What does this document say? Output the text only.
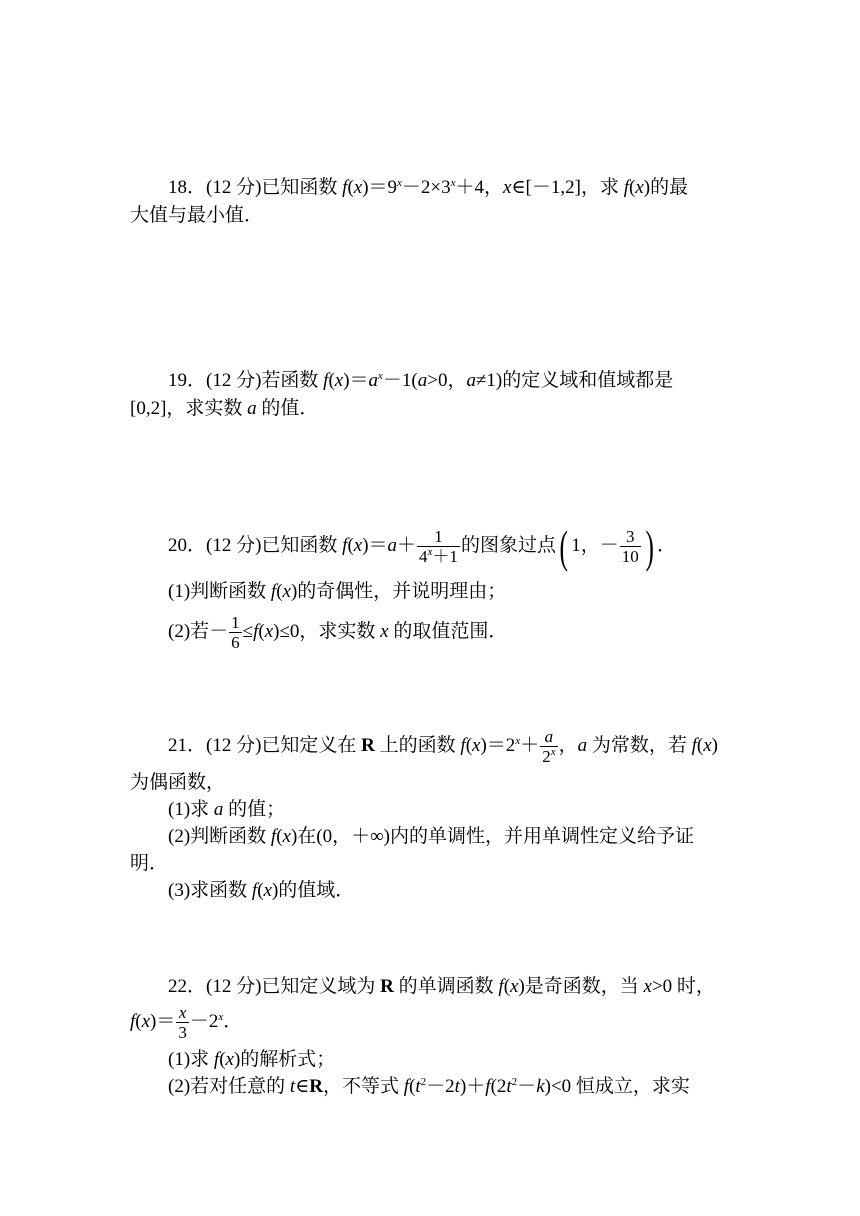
18．(12 分)已知函数 $f(x)=9^x-2\times 3^x+4$，x∈[－1,2]，求 f(x)的最
大值与最小值．
19．(12 分)若函数 $f(x)=a^x-1(a>0$，a≠1)的定义域和值域都是
[0,2]，求实数 a 的值．
20．(12 分)已知函数 $f(x)=a+ \frac{1}{4^x+1}$ 的图象过点( 1，－ $\frac{3}{10}$ ) ．
(1)判断函数 f(x)的奇偶性，并说明理由；
(2)若－ $\frac{1}{6} \le f(x)\le 0$，求实数 x 的取值范围．
21．(12 分)已知定义在 R 上的函数 $f(x)=2^x+ \frac{a}{2^x}$ ，a 为常数，若 f(x)
为偶函数，
(1)求 a 的值；
(2)判断函数 f(x)在(0，＋∞)内的单调性，并用单调性定义给予证
明．
(3)求函数 f(x)的值域．
22．(12 分)已知定义域为 R 的单调函数 f(x)是奇函数，当 x>0 时，
$f(x)= \frac{x}{3} -2^x$．
(1)求 f(x)的解析式；
(2)若对任意的 t∈R，不等式 $f(t^2-2t)+f(2t^2-k)<0$ 恒成立，求实
